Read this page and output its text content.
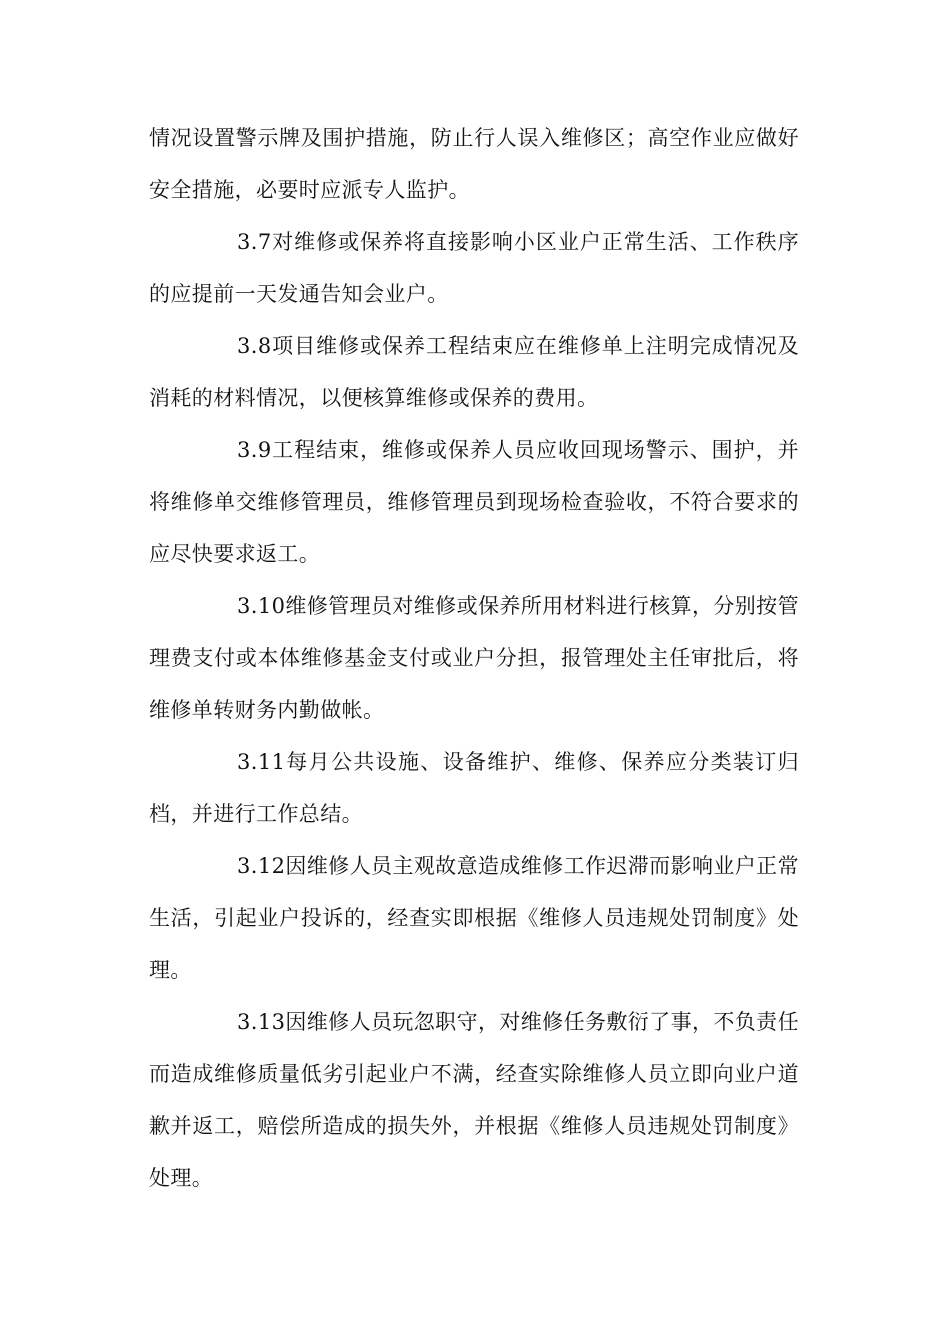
情况设置警示牌及围护措施，防止行人误入维修区；高空作业应做好安全措施，必要时应派专人监护。

3.7对维修或保养将直接影响小区业户正常生活、工作秩序的应提前一天发通告知会业户。

3.8项目维修或保养工程结束应在维修单上注明完成情况及消耗的材料情况，以便核算维修或保养的费用。

3.9工程结束，维修或保养人员应收回现场警示、围护，并将维修单交维修管理员，维修管理员到现场检查验收，不符合要求的应尽快要求返工。

3.10维修管理员对维修或保养所用材料进行核算，分别按管理费支付或本体维修基金支付或业户分担，报管理处主任审批后，将维修单转财务内勤做帐。

3.11每月公共设施、设备维护、维修、保养应分类装订归档，并进行工作总结。

3.12因维修人员主观故意造成维修工作迟滞而影响业户正常生活，引起业户投诉的，经查实即根据《维修人员违规处罚制度》处理。

3.13因维修人员玩忽职守，对维修任务敷衍了事，不负责任而造成维修质量低劣引起业户不满，经查实除维修人员立即向业户道歉并返工，赔偿所造成的损失外，并根据《维修人员违规处罚制度》处理。
